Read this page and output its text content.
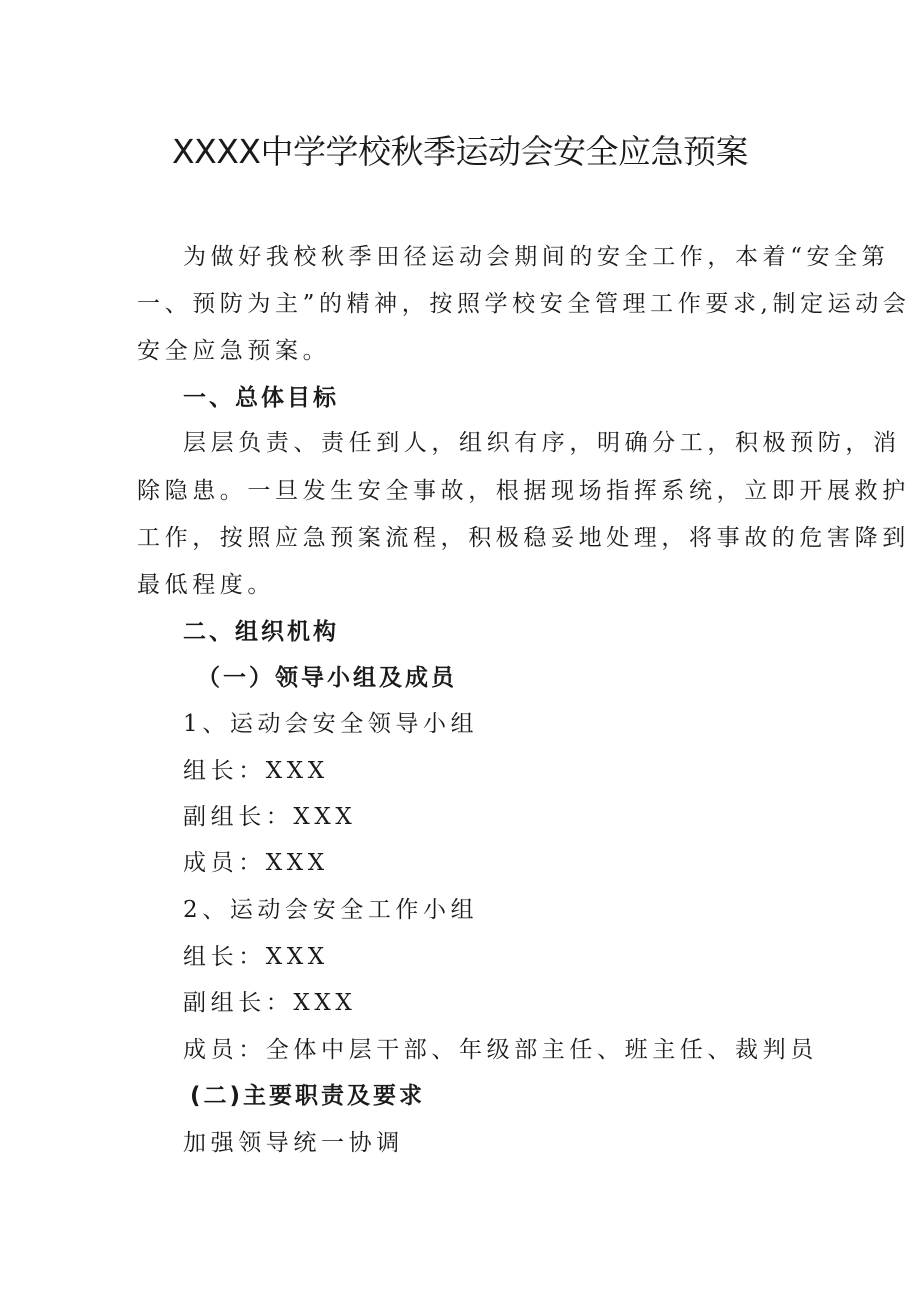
XXXX中学学校秋季运动会安全应急预案
为做好我校秋季田径运动会期间的安全工作，本着“安全第
一、预防为主”的精神，按照学校安全管理工作要求,制定运动会
安全应急预案。
一、总体目标
层层负责、责任到人，组织有序，明确分工，积极预防，消
除隐患。一旦发生安全事故，根据现场指挥系统，立即开展救护
工作，按照应急预案流程，积极稳妥地处理，将事故的危害降到
最低程度。
二、组织机构
（一）领导小组及成员
1、运动会安全领导小组
组长：XXX
副组长：XXX
成员：XXX
2、运动会安全工作小组
组长：XXX
副组长：XXX
成员：全体中层干部、年级部主任、班主任、裁判员
(二)主要职责及要求
加强领导统一协调
